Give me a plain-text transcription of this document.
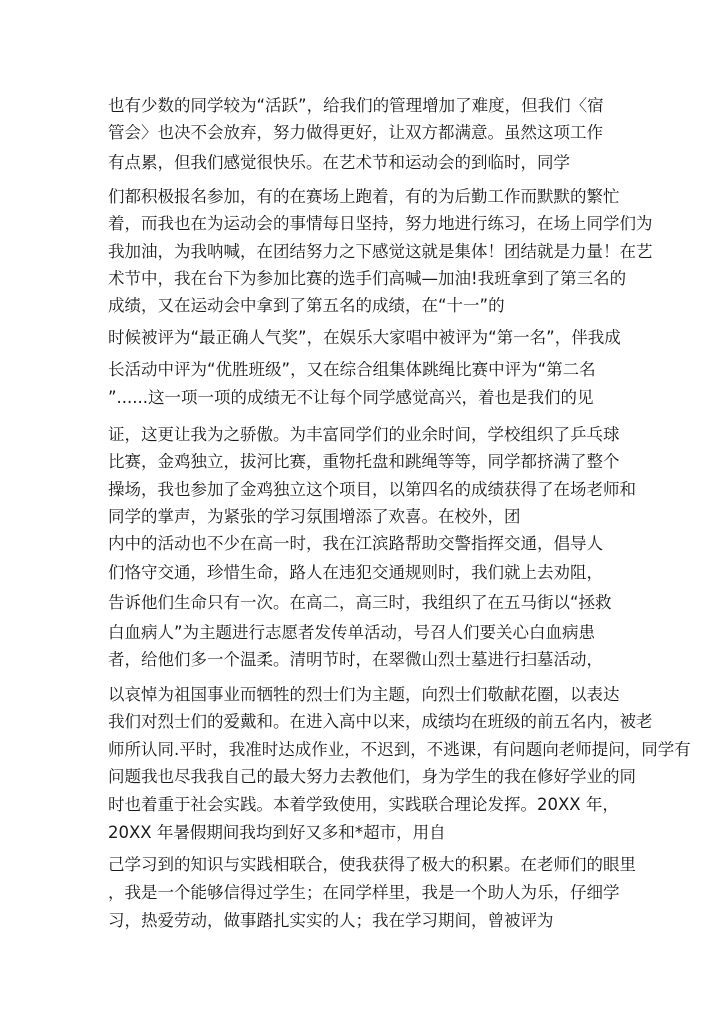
也有少数的同学较为“活跃”，给我们的管理增加了难度，但我们〈宿
管会〉也决不会放弃，努力做得更好，让双方都满意。虽然这项工作
有点累，但我们感觉很快乐。在艺术节和运动会的到临时，同学
们都积极报名参加，有的在赛场上跑着，有的为后勤工作而默默的繁忙
着，而我也在为运动会的事情每日坚持，努力地进行练习，在场上同学们为
我加油，为我呐喊，在团结努力之下感觉这就是集体！团结就是力量！在艺
术节中，我在台下为参加比赛的选手们高喊—加油!我班拿到了第三名的
成绩，又在运动会中拿到了第五名的成绩，在“十一”的
时候被评为“最正确人气奖”，在娱乐大家唱中被评为“第一名”，伴我成
长活动中评为“优胜班级”，又在综合组集体跳绳比赛中评为“第二名
”......这一项一项的成绩无不让每个同学感觉高兴，着也是我们的见
证，这更让我为之骄傲。为丰富同学们的业余时间，学校组织了乒乓球
比赛，金鸡独立，拔河比赛，重物托盘和跳绳等等，同学都挤满了整个
操场，我也参加了金鸡独立这个项目，以第四名的成绩获得了在场老师和
同学的掌声，为紧张的学习氛围增添了欢喜。在校外，团
内中的活动也不少在高一时，我在江滨路帮助交警指挥交通，倡导人
们恪守交通，珍惜生命，路人在违犯交通规则时，我们就上去劝阻，
告诉他们生命只有一次。在高二，高三时，我组织了在五马街以“拯救
白血病人”为主题进行志愿者发传单活动，号召人们要关心白血病患
者，给他们多一个温柔。清明节时，在翠微山烈士墓进行扫墓活动，
以哀悼为祖国事业而牺牲的烈士们为主题，向烈士们敬献花圈，以表达
我们对烈士们的爱戴和。在进入高中以来，成绩均在班级的前五名内，被老
师所认同.平时，我准时达成作业，不迟到，不逃课，有问题向老师提问，同学有
问题我也尽我我自己的最大努力去教他们，身为学生的我在修好学业的同
时也着重于社会实践。本着学致使用，实践联合理论发挥。20XX 年，
20XX 年暑假期间我均到好又多和*超市，用自
己学习到的知识与实践相联合，使我获得了极大的积累。在老师们的眼里
，我是一个能够信得过学生；在同学样里，我是一个助人为乐，仔细学
习，热爱劳动，做事踏扎实实的人；我在学习期间，曾被评为
